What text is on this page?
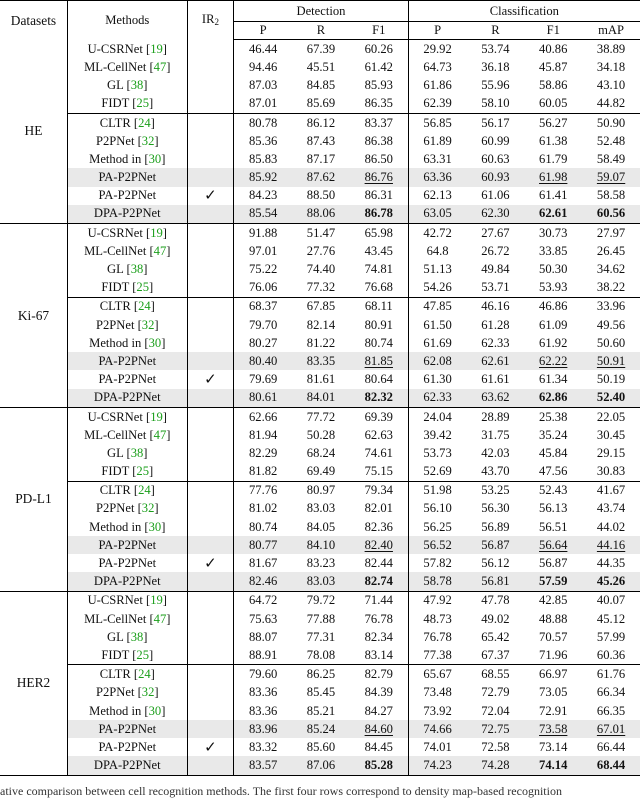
Datasets	Methods	$IR_2$	Detection			Classification			
			P	R	F1	P	R	F1	mAP
HE	U-CSRNet [19]		46.44	67.39	60.26	29.92	53.74	40.86	38.89
	ML-CellNet [47]		94.46	45.51	61.42	64.73	36.18	45.87	34.18
	GL [38]		87.03	84.85	85.93	61.86	55.96	58.86	43.10
	FIDT [25]		87.01	85.69	86.35	62.39	58.10	60.05	44.82
	CLTR [24]		80.78	86.12	83.37	56.85	56.17	56.27	50.90
	P2PNet [32]		85.36	87.43	86.38	61.89	60.99	61.38	52.48
	Method in [30]		85.83	87.17	86.50	63.31	60.63	61.79	58.49
	PA-P2PNet		85.92	87.62	86.76	63.36	60.93	61.98	59.07
	PA-P2PNet	✓	84.23	88.50	86.31	62.13	61.06	61.41	58.58
	DPA-P2PNet		85.54	88.06	86.78	63.05	62.30	62.61	60.56
Ki-67	U-CSRNet [19]		91.88	51.47	65.98	42.72	27.67	30.73	27.97
	ML-CellNet [47]		97.01	27.76	43.45	64.8	26.72	33.85	26.45
	GL [38]		75.22	74.40	74.81	51.13	49.84	50.30	34.62
	FIDT [25]		76.06	77.32	76.68	54.26	53.71	53.93	38.22
	CLTR [24]		68.37	67.85	68.11	47.85	46.16	46.86	33.96
	P2PNet [32]		79.70	82.14	80.91	61.50	61.28	61.09	49.56
	Method in [30]		80.27	81.22	80.74	61.69	62.33	61.92	50.60
	PA-P2PNet		80.40	83.35	81.85	62.08	62.61	62.22	50.91
	PA-P2PNet	✓	79.69	81.61	80.64	61.30	61.61	61.34	50.19
	DPA-P2PNet		80.61	84.01	82.32	62.33	63.62	62.86	52.40
PD-L1	U-CSRNet [19]		62.66	77.72	69.39	24.04	28.89	25.38	22.05
	ML-CellNet [47]		81.94	50.28	62.63	39.42	31.75	35.24	30.45
	GL [38]		82.29	68.24	74.61	53.73	42.03	45.84	29.15
	FIDT [25]		81.82	69.49	75.15	52.69	43.70	47.56	30.83
	CLTR [24]		77.76	80.97	79.34	51.98	53.25	52.43	41.67
	P2PNet [32]		81.02	83.03	82.01	56.10	56.30	56.13	43.74
	Method in [30]		80.74	84.05	82.36	56.25	56.89	56.51	44.02
	PA-P2PNet		80.77	84.10	82.40	56.52	56.87	56.64	44.16
	PA-P2PNet	✓	81.67	83.23	82.44	57.82	56.12	56.87	44.35
	DPA-P2PNet		82.46	83.03	82.74	58.78	56.81	57.59	45.26
HER2	U-CSRNet [19]		64.72	79.72	71.44	47.92	47.78	42.85	40.07
	ML-CellNet [47]		75.63	77.88	76.78	48.73	49.02	48.88	45.12
	GL [38]		88.07	77.31	82.34	76.78	65.42	70.57	57.99
	FIDT [25]		88.91	78.08	83.14	77.38	67.37	71.96	60.36
	CLTR [24]		79.60	86.25	82.79	65.67	68.55	66.97	61.76
	P2PNet [32]		83.36	85.45	84.39	73.48	72.79	73.05	66.34
	Method in [30]		83.36	85.21	84.27	73.92	72.04	72.91	66.35
	PA-P2PNet		83.96	85.24	84.60	74.66	72.75	73.58	67.01
	PA-P2PNet	✓	83.32	85.60	84.45	74.01	72.58	73.14	66.44
	DPA-P2PNet		83.57	87.06	85.28	74.23	74.28	74.14	68.44
ative comparison between cell recognition methods. The first four rows correspond to density map-based recognition
